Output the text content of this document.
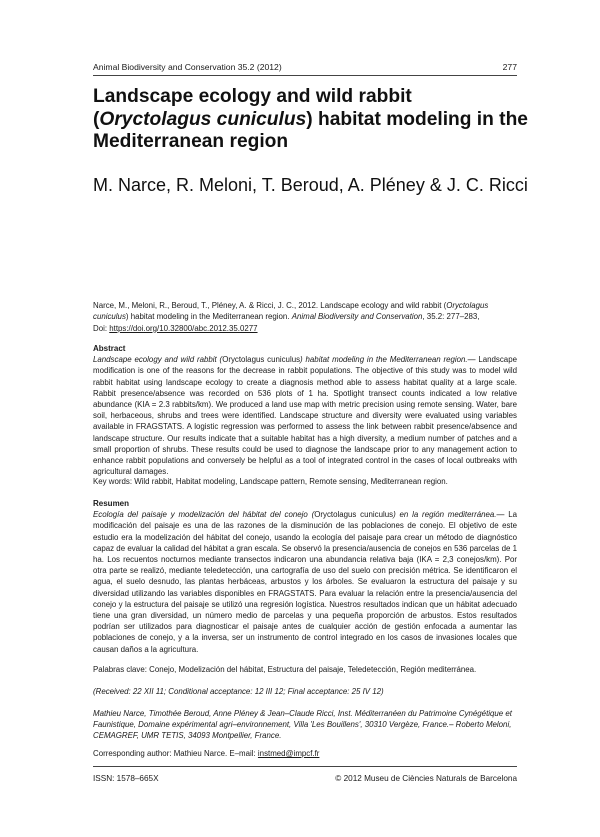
Animal Biodiversity and Conservation 35.2 (2012)	277
Landscape ecology and wild rabbit (Oryctolagus cuniculus) habitat modeling in the Mediterranean region
M. Narce, R. Meloni, T. Beroud, A. Pléney & J. C. Ricci
Narce, M., Meloni, R., Beroud, T., Pléney, A. & Ricci, J. C., 2012. Landscape ecology and wild rabbit (Oryctolagus cuniculus) habitat modeling in the Mediterranean region. Animal Biodiversity and Conservation, 35.2: 277–283,
Doi: https://doi.org/10.32800/abc.2012.35.0277

Abstract

Landscape ecology and wild rabbit (Oryctolagus cuniculus) habitat modeling in the Mediterranean region.— Landscape modification is one of the reasons for the decrease in rabbit populations. The objective of this study was to model wild rabbit habitat using landscape ecology to create a diagnosis method able to assess habitat quality at a large scale. Rabbit presence/absence was recorded on 536 plots of 1 ha. Spotlight transect counts indicated a low relative abundance (KIA = 2.3 rabbits/km). We produced a land use map with metric precision using remote sensing. Water, bare soil, herbaceous, shrubs and trees were identified. Landscape structure and diversity were evaluated using variables available in FRAGSTATS. A logistic regression was performed to assess the link between rabbit presence/absence and landscape structure. Our results indicate that a suitable habitat has a high diversity, a medium number of patches and a small proportion of shrubs. These results could be used to diagnose the landscape prior to any management action to enhance rabbit populations and conversely be helpful as a tool of integrated control in the cases of local outbreaks with agricultural damages.

Key words: Wild rabbit, Habitat modeling, Landscape pattern, Remote sensing, Mediterranean region.

Resumen

Ecología del paisaje y modelización del hábitat del conejo (Oryctolagus cuniculus) en la región mediterránea.— La modificación del paisaje es una de las razones de la disminución de las poblaciones de conejo. El objetivo de este estudio era la modelización del hábitat del conejo, usando la ecología del paisaje para crear un método de diagnóstico capaz de evaluar la calidad del hábitat a gran escala. Se observó la presencia/ausencia de conejos en 536 parcelas de 1 ha. Los recuentos nocturnos mediante transectos indicaron una abundancia relativa baja (IKA = 2,3 conejos/km). Por otra parte se realizó, mediante teledetección, una cartografía de uso del suelo con precisión métrica. Se identificaron el agua, el suelo desnudo, las plantas herbáceas, arbustos y los árboles. Se evaluaron la estructura del paisaje y su diversidad utilizando las variables disponibles en FRAGSTATS. Para evaluar la relación entre la presencia/ausencia del conejo y la estructura del paisaje se utilizó una regresión logística. Nuestros resultados indican que un hábitat adecuado tiene una gran diversidad, un número medio de parcelas y una pequeña proporción de arbustos. Estos resultados podrían ser utilizados para diagnosticar el paisaje antes de cualquier acción de gestión enfocada a aumentar las poblaciones de conejo, y a la inversa, ser un instrumento de control integrado en los casos de invasiones locales que causan daños a la agricultura.

Palabras clave: Conejo, Modelización del hábitat, Estructura del paisaje, Teledetección, Región mediterránea.
(Received: 22 XII 11; Conditional acceptance: 12 III 12; Final acceptance: 25 IV 12)
Mathieu Narce, Timothée Beroud, Anne Pléney & Jean–Claude Ricci, Inst. Méditerranéen du Patrimoine Cynégétique et Faunistique, Domaine expérimental agri–environnement, Villa 'Les Bouillens', 30310 Vergèze, France.– Roberto Meloni, CEMAGREF, UMR TETIS, 34093 Montpellier, France.
Corresponding author: Mathieu Narce. E–mail: instmed@impcf.fr
ISSN: 1578–665X	© 2012 Museu de Ciències Naturals de Barcelona
